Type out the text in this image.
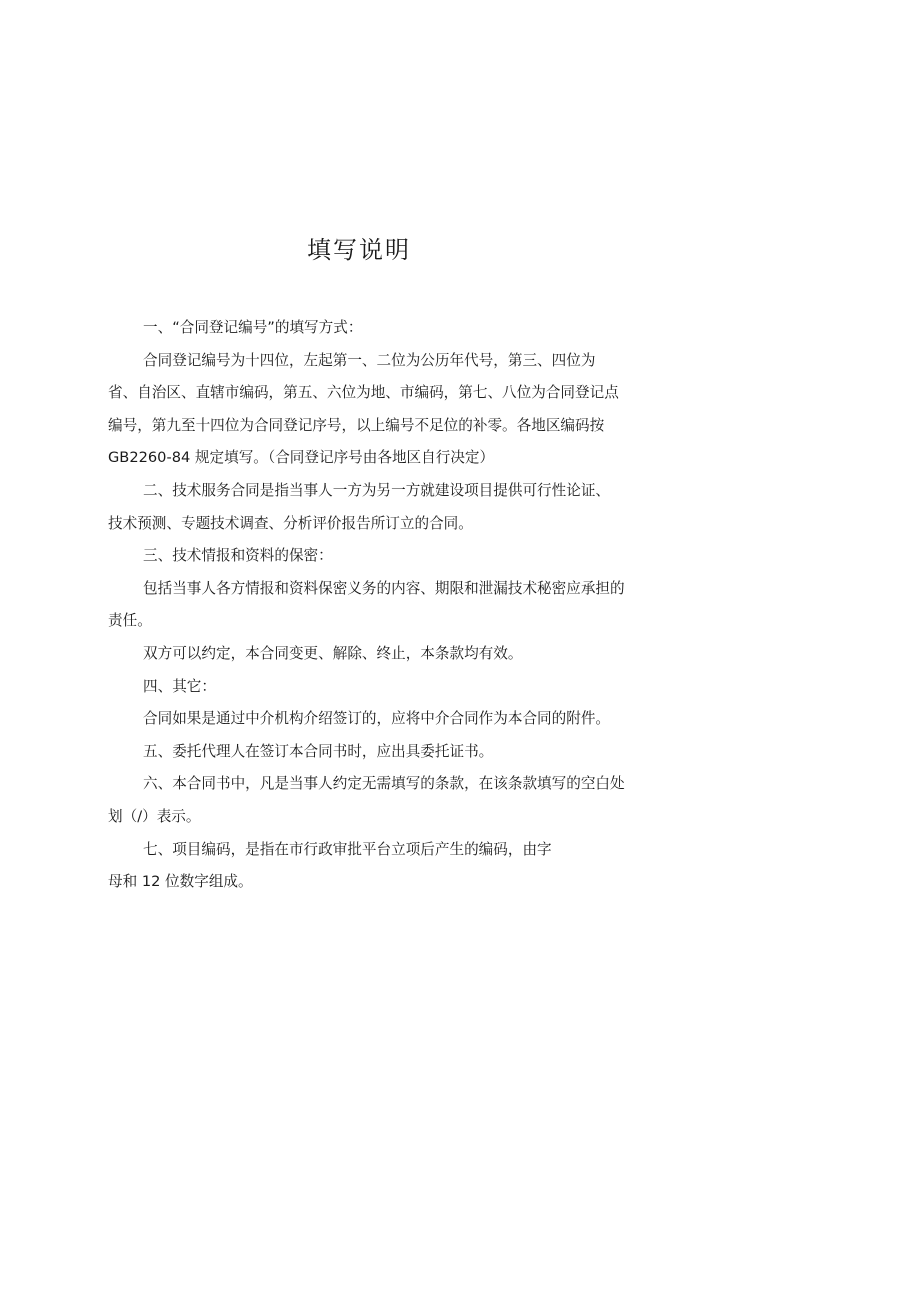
填写说明
一、“合同登记编号”的填写方式：
合同登记编号为十四位，左起第一、二位为公历年代号，第三、四位为
省、自治区、直辖市编码，第五、六位为地、市编码，第七、八位为合同登记点
编号，第九至十四位为合同登记序号，以上编号不足位的补零。各地区编码按
GB2260-84 规定填写。（合同登记序号由各地区自行决定）
二、技术服务合同是指当事人一方为另一方就建设项目提供可行性论证、
技术预测、专题技术调查、分析评价报告所订立的合同。
三、技术情报和资料的保密：
包括当事人各方情报和资料保密义务的内容、期限和泄漏技术秘密应承担的
责任。
双方可以约定，本合同变更、解除、终止，本条款均有效。
四、其它：
合同如果是通过中介机构介绍签订的，应将中介合同作为本合同的附件。
五、委托代理人在签订本合同书时，应出具委托证书。
六、本合同书中，凡是当事人约定无需填写的条款，在该条款填写的空白处
划（/）表示。
七、项目编码，是指在市行政审批平台立项后产生的编码，由字
母和 12 位数字组成。
